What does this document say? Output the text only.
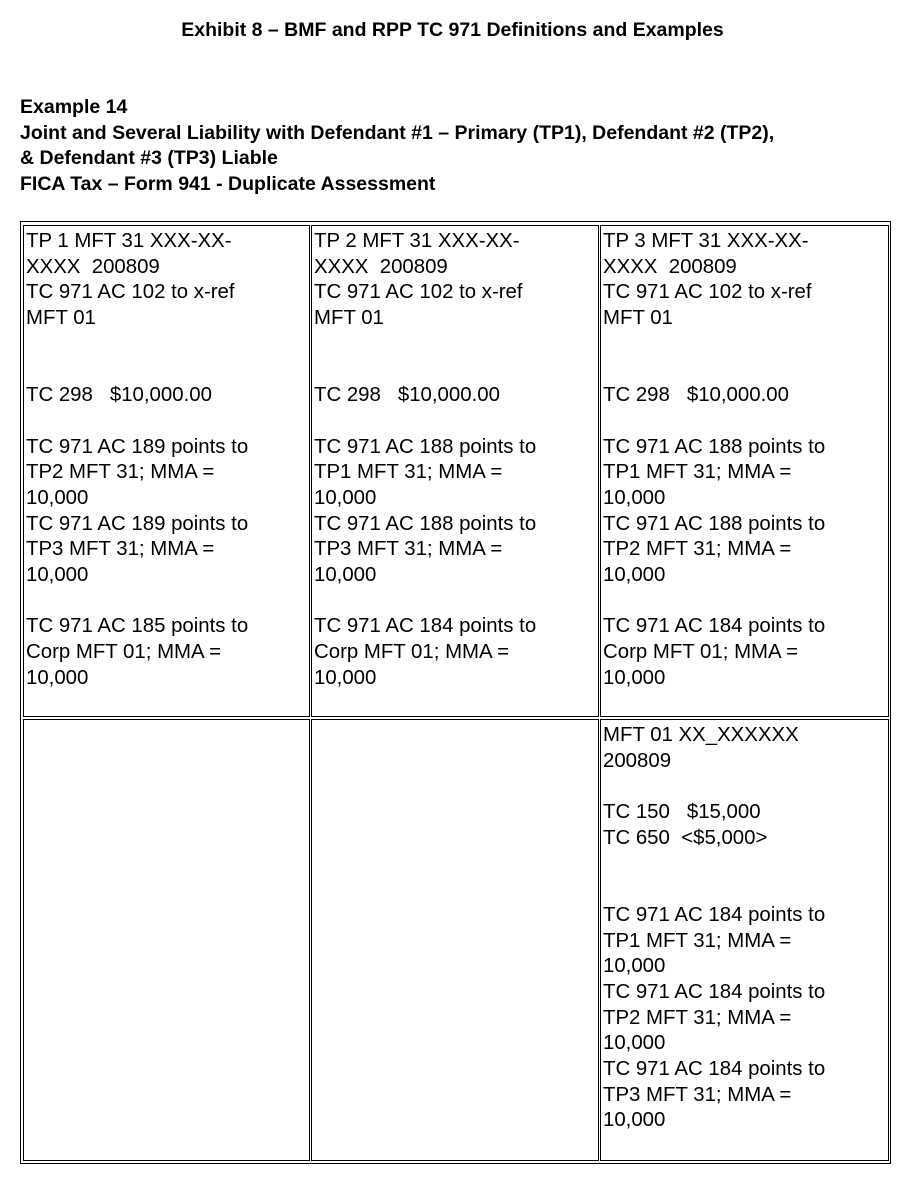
Exhibit 8 – BMF and RPP TC 971 Definitions and Examples
Example 14
Joint and Several Liability with Defendant #1 – Primary (TP1), Defendant #2 (TP2),
& Defendant #3 (TP3) Liable
FICA Tax – Form 941 - Duplicate Assessment
TP 1 MFT 31 XXX-XX-
XXXX  200809
TC 971 AC 102 to x-ref
MFT 01
TC 298   $10,000.00
TC 971 AC 189 points to
TP2 MFT 31; MMA =
10,000
TC 971 AC 189 points to
TP3 MFT 31; MMA =
10,000
TC 971 AC 185 points to
Corp MFT 01; MMA =
10,000
TP 2 MFT 31 XXX-XX-
XXXX  200809
TC 971 AC 102 to x-ref
MFT 01
TC 298   $10,000.00
TC 971 AC 188 points to
TP1 MFT 31; MMA =
10,000
TC 971 AC 188 points to
TP3 MFT 31; MMA =
10,000
TC 971 AC 184 points to
Corp MFT 01; MMA =
10,000
TP 3 MFT 31 XXX-XX-
XXXX  200809
TC 971 AC 102 to x-ref
MFT 01
TC 298   $10,000.00
TC 971 AC 188 points to
TP1 MFT 31; MMA =
10,000
TC 971 AC 188 points to
TP2 MFT 31; MMA =
10,000
TC 971 AC 184 points to
Corp MFT 01; MMA =
10,000
MFT 01 XX_XXXXXX
200809
TC 150   $15,000
TC 650  <$5,000>
TC 971 AC 184 points to
TP1 MFT 31; MMA =
10,000
TC 971 AC 184 points to
TP2 MFT 31; MMA =
10,000
TC 971 AC 184 points to
TP3 MFT 31; MMA =
10,000
